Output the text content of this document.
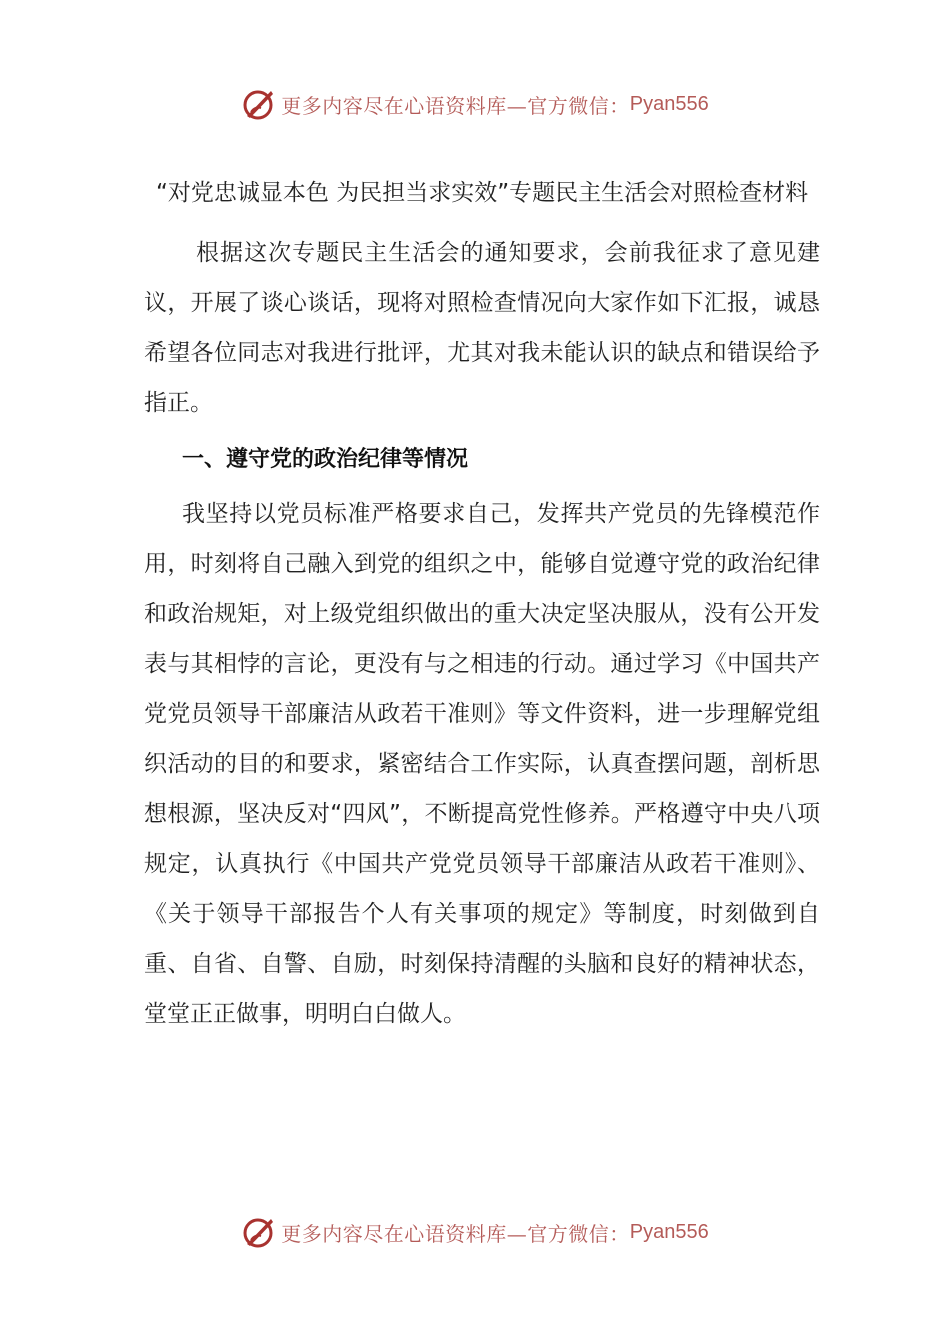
更多内容尽在心语资料库—官方微信： Pyan556
“对党忠诚显本色 为民担当求实效”专题民主生活会对照检查材料

根据这次专题民主生活会的通知要求，会前我征求了意见建议，开展了谈心谈话，现将对照检查情况向大家作如下汇报，诚恳希望各位同志对我进行批评，尤其对我未能认识的缺点和错误给予指正。

一、遵守党的政治纪律等情况

我坚持以党员标准严格要求自己，发挥共产党员的先锋模范作用，时刻将自己融入到党的组织之中，能够自觉遵守党的政治纪律和政治规矩，对上级党组织做出的重大决定坚决服从，没有公开发表与其相悖的言论，更没有与之相违的行动。通过学习《中国共产党党员领导干部廉洁从政若干准则》等文件资料，进一步理解党组织活动的目的和要求，紧密结合工作实际，认真查摆问题，剖析思想根源，坚决反对“四风”，不断提高党性修养。严格遵守中央八项规定，认真执行《中国共产党党员领导干部廉洁从政若干准则》、《关于领导干部报告个人有关事项的规定》等制度，时刻做到自重、自省、自警、自励，时刻保持清醒的头脑和良好的精神状态，堂堂正正做事，明明白白做人。

更多内容尽在心语资料库—官方微信： Pyan556
